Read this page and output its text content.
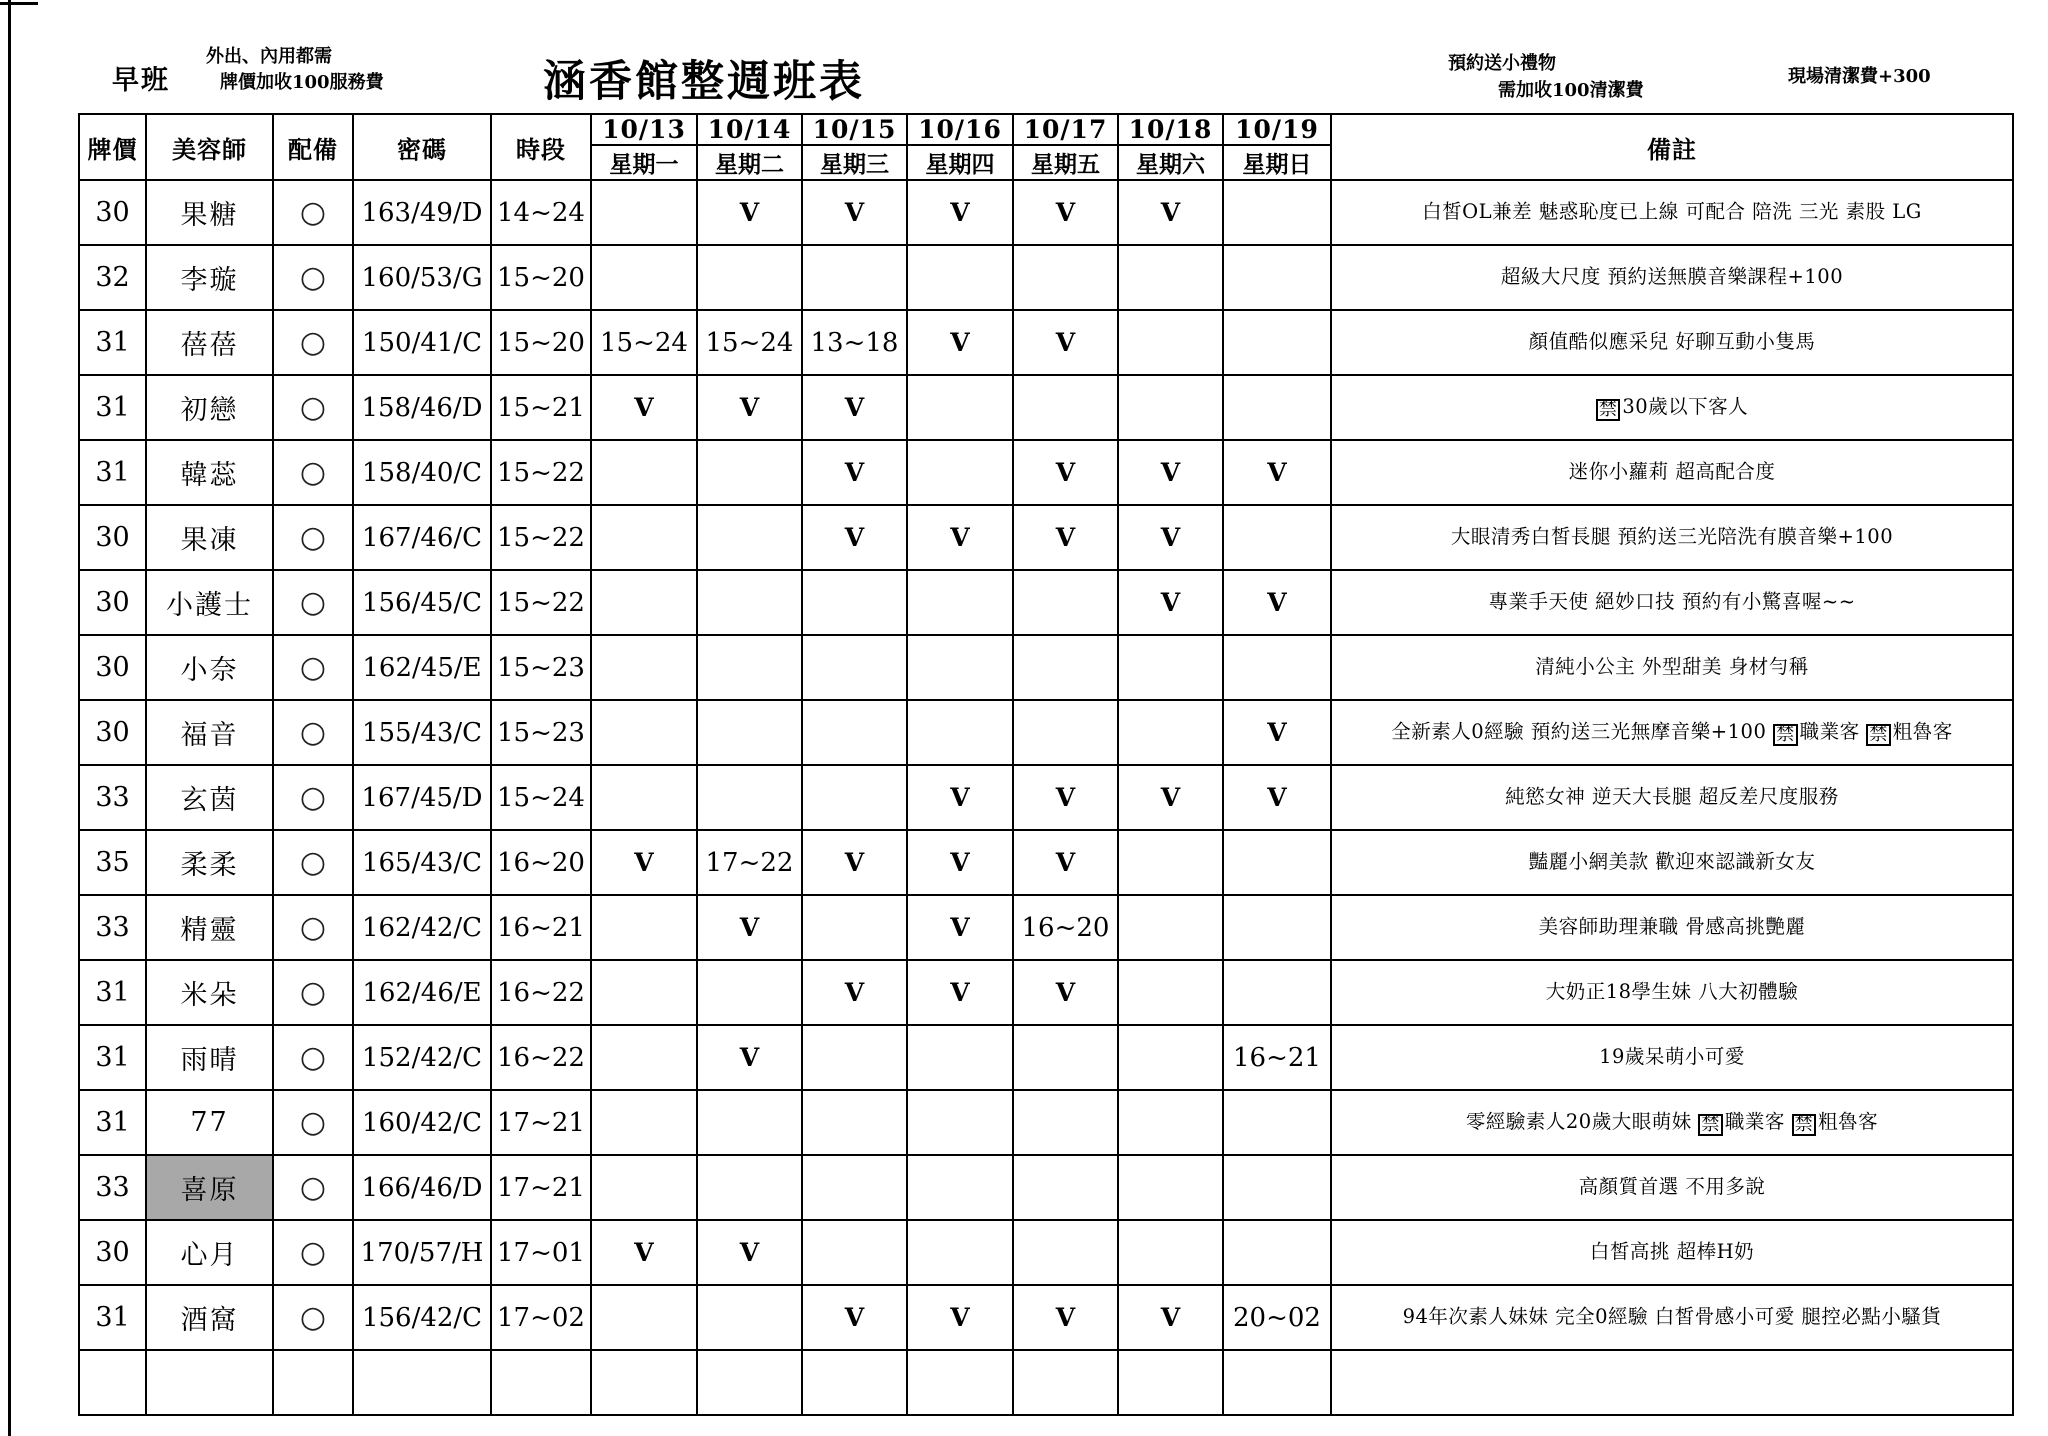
早班
外出、內用都需
牌價加收100服務費	涵香館整週班表	預約送小禮物
需加收100清潔費
現場清潔費+300
牌價	美容師	配備	密碼	時段	10/13	10/14	10/15	10/16	10/17	10/18	10/19	備註
					星期一	星期二	星期三	星期四	星期五	星期六	星期日	
30	果糖	○	163/49/D	14~24		V	V	V	V	V		白皙OL兼差 魅惑恥度已上線 可配合 陪洗 三光 素股 LG
32	李璇	○	160/53/G	15~20								超級大尺度 預約送無膜音樂課程+100
31	蓓蓓	○	150/41/C	15~20	15~24	15~24	13~18	V	V			顏值酷似應采兒 好聊互動小隻馬
31	初戀	○	158/46/D	15~21	V	V	V					禁 30歲以下客人
31	韓蕊	○	158/40/C	15~22			V		V	V	V	迷你小蘿莉 超高配合度
30	果凍	○	167/46/C	15~22			V	V	V	V		大眼清秀白皙長腿 預約送三光陪洗有膜音樂+100
30	小護士	○	156/45/C	15~22						V	V	專業手天使 絕妙口技 預約有小驚喜喔~~
30	小奈	○	162/45/E	15~23								清純小公主 外型甜美 身材勻稱
30	福音	○	155/43/C	15~23							V	全新素人0經驗 預約送三光無摩音樂+100 禁 職業客 禁 粗魯客
33	玄茵	○	167/45/D	15~24				V	V	V	V	純慾女神 逆天大長腿 超反差尺度服務
35	柔柔	○	165/43/C	16~20	V	17~22	V	V	V			豔麗小網美款 歡迎來認識新女友
33	精靈	○	162/42/C	16~21		V		V	16~20			美容師助理兼職 骨感高挑艷麗
31	米朵	○	162/46/E	16~22			V	V	V			大奶正18學生妹 八大初體驗
31	雨晴	○	152/42/C	16~22		V					16~21	19歲呆萌小可愛
31	77	○	160/42/C	17~21								零經驗素人20歲大眼萌妹 禁 職業客 禁 粗魯客
33	喜原	○	166/46/D	17~21								高顏質首選 不用多說
30	心月	○	170/57/H	17~01	V	V						白皙高挑 超棒H奶
31	酒窩	○	156/42/C	17~02			V	V	V	V	20~02	94年次素人妹妹 完全0經驗 白皙骨感小可愛 腿控必點小騷貨
